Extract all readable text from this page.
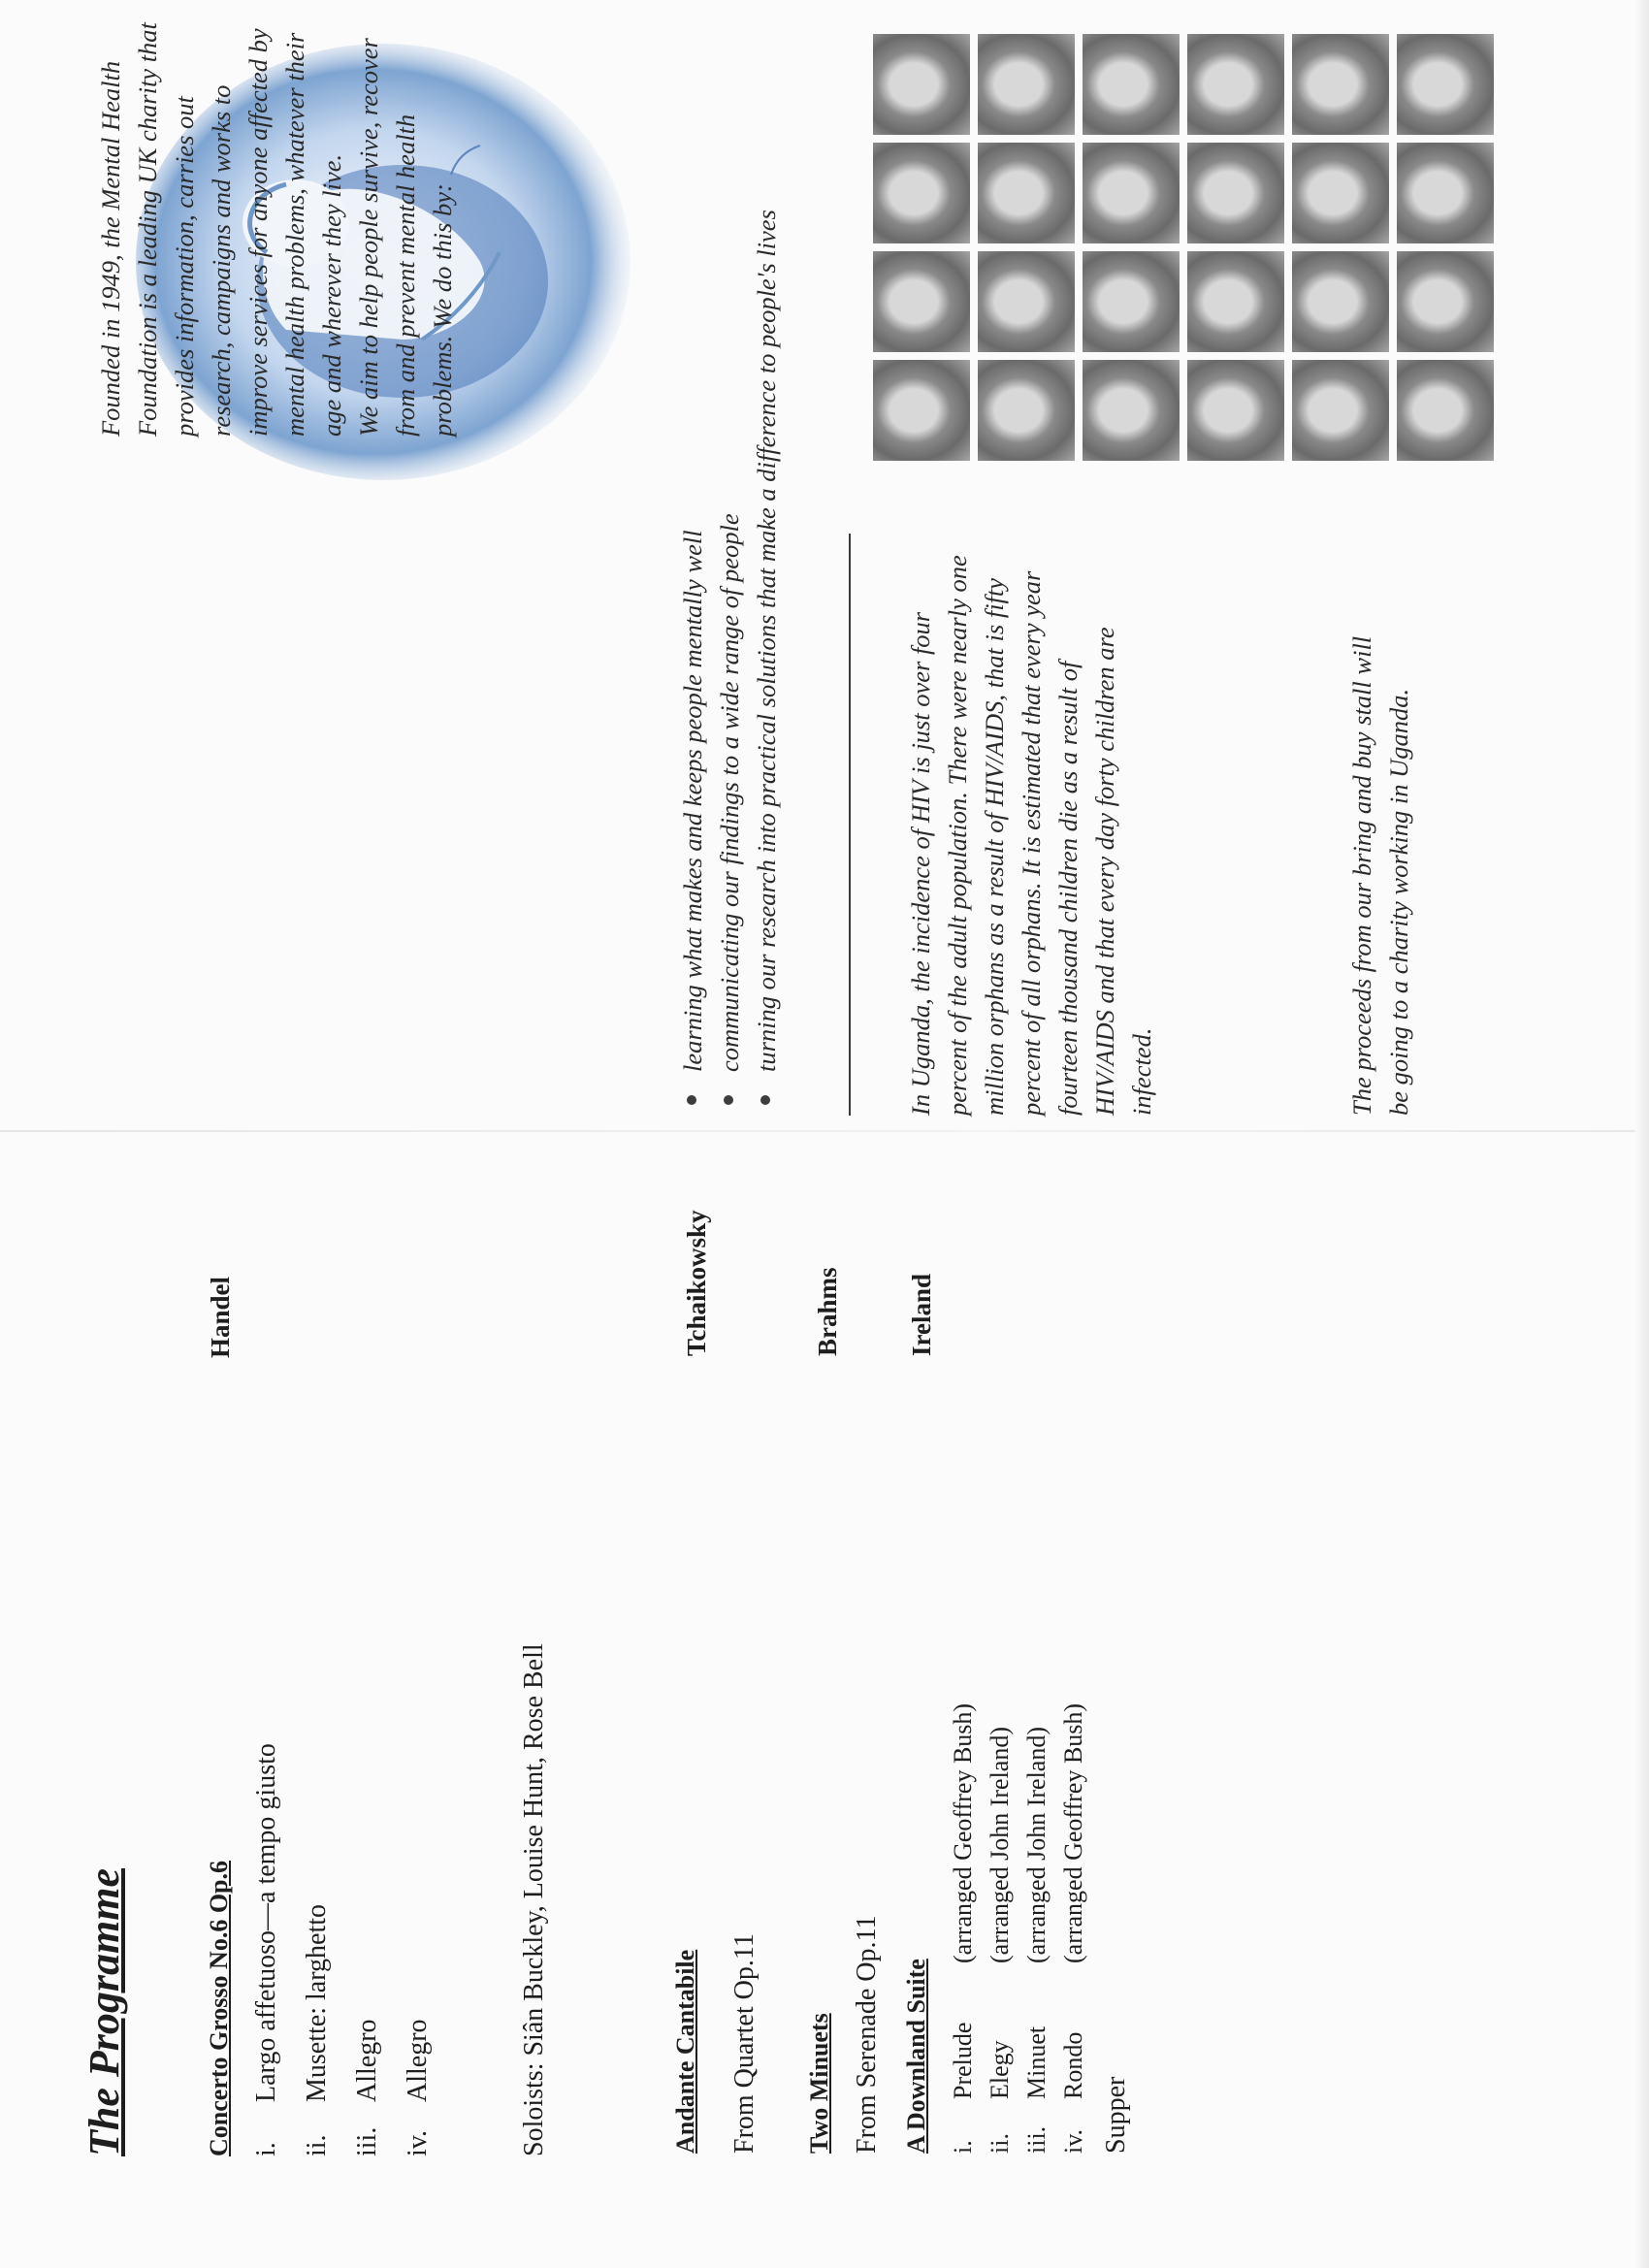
The Programme	Concerto Grosso No.6 Op.6
Handel
i.Largo affetuoso—a tempo giusto
ii.Musette: larghetto
iii.Allegro
iv.Allegro	Soloists: Siân Buckley, Louise Hunt, Rose Bell	Andante Cantabile
Tchaikowsky
From Quartet Op.11 Two Minuets
Brahms
From Serenade Op.11	i.Prelude(arranged Geoffrey Bush)
ii.Elegy(arranged John Ireland)
iii.Minuet(arranged John Ireland)
iv.Rondo(arranged Geoffrey Bush)
Supper
A Downland Suite
Ireland

Founded in 1949, the Mental Health Foundation is a leading UK charity that provides information, carries out research, campaigns and works to improve services for anyone affected by mental health problems, whatever their age and wherever they live. We aim to help people survive, recover from and prevent mental health problems. We do this by:

learning what makes and keeps people mentally well communicating our findings to a wide range of people turning our research into practical solutions that make a difference to people's lives	In Uganda, the incidence of HIV is just over four percent of the adult population. There were nearly one million orphans as a result of HIV/AIDS, that is fifty percent of all orphans. It is estimated that every year fourteen thousand children die as a result of HIV/AIDS and that every day forty children are infected.	The proceeds from our bring and buy stall will be going to a charity working in Uganda.
